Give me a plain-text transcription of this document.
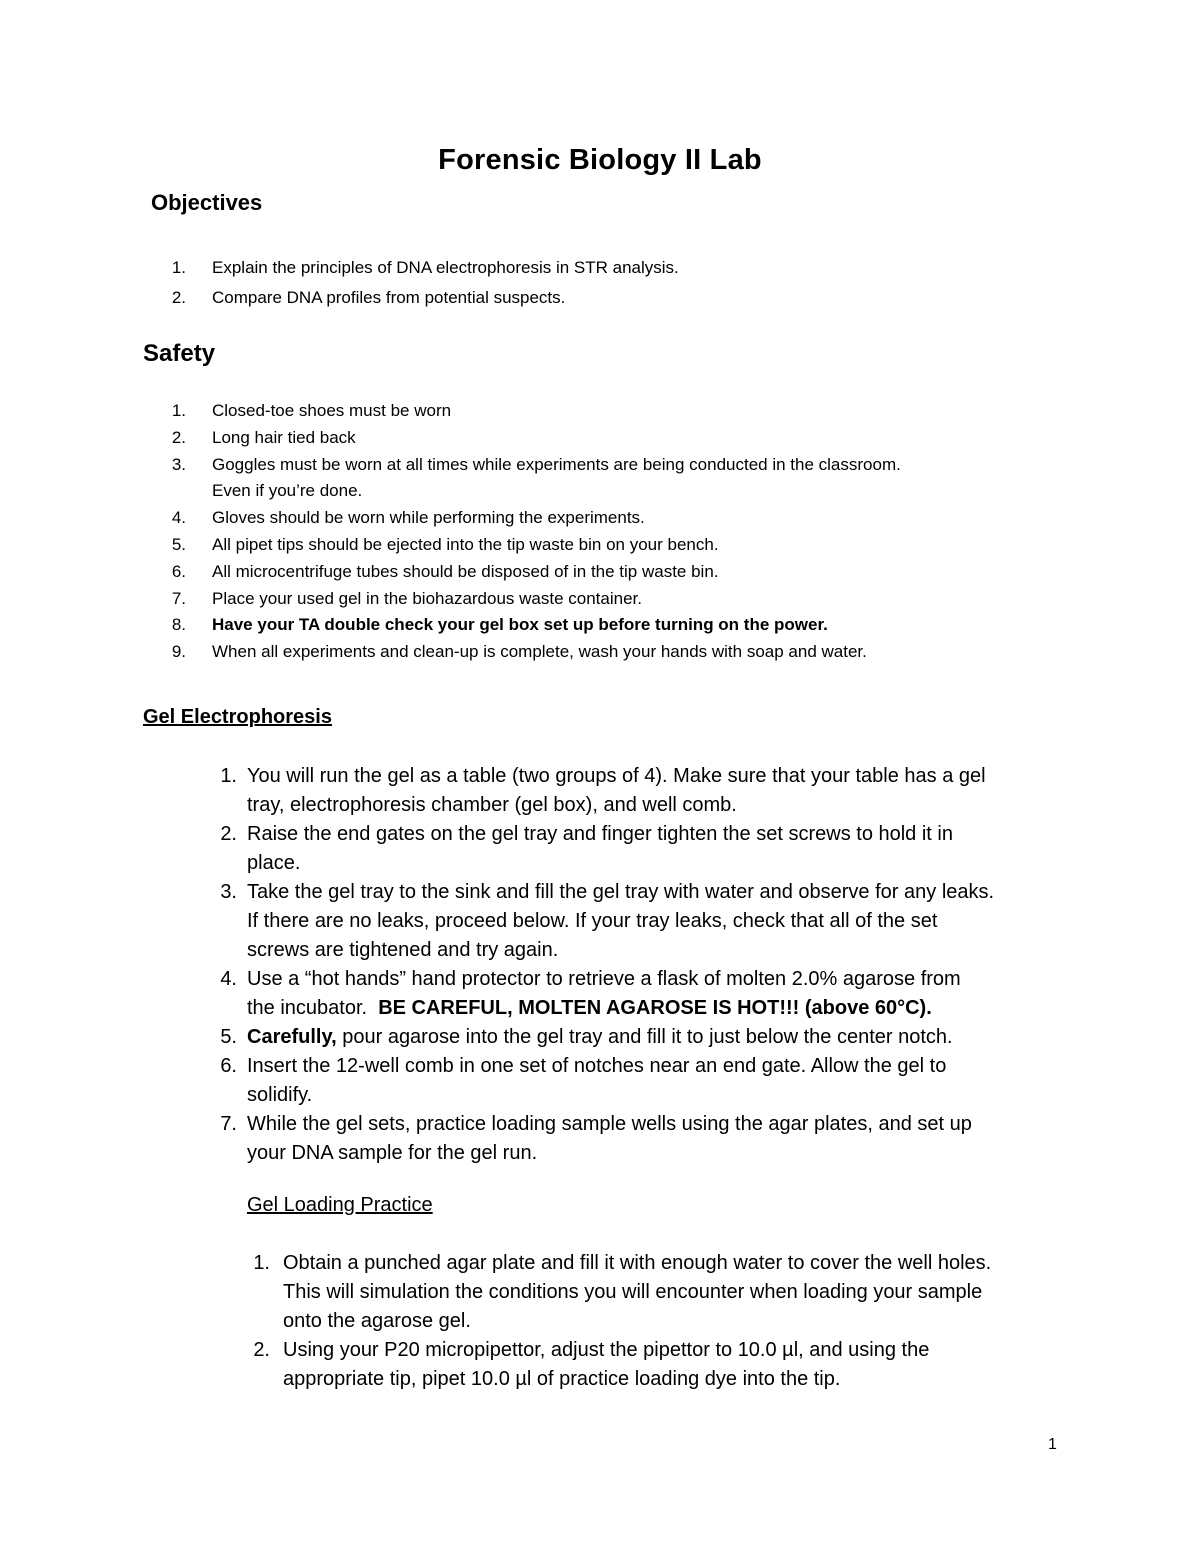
Forensic Biology II Lab
Objectives
1. Explain the principles of DNA electrophoresis in STR analysis.
2. Compare DNA profiles from potential suspects.
Safety
1. Closed-toe shoes must be worn
2. Long hair tied back
3. Goggles must be worn at all times while experiments are being conducted in the classroom.
Even if you’re done.
4. Gloves should be worn while performing the experiments.
5. All pipet tips should be ejected into the tip waste bin on your bench.
6. All microcentrifuge tubes should be disposed of in the tip waste bin.
7. Place your used gel in the biohazardous waste container.
8. Have your TA double check your gel box set up before turning on the power.
9. When all experiments and clean-up is complete, wash your hands with soap and water.
Gel Electrophoresis
1. You will run the gel as a table (two groups of 4). Make sure that your table has a gel
tray, electrophoresis chamber (gel box), and well comb.
2. Raise the end gates on the gel tray and finger tighten the set screws to hold it in
place.
3. Take the gel tray to the sink and fill the gel tray with water and observe for any leaks.
If there are no leaks, proceed below. If your tray leaks, check that all of the set
screws are tightened and try again.
4. Use a “hot hands” hand protector to retrieve a flask of molten 2.0% agarose from
the incubator.  BE CAREFUL, MOLTEN AGAROSE IS HOT!!! (above 60°C).
5. Carefully, pour agarose into the gel tray and fill it to just below the center notch.
6. Insert the 12-well comb in one set of notches near an end gate. Allow the gel to
solidify.
7. While the gel sets, practice loading sample wells using the agar plates, and set up
your DNA sample for the gel run.
Gel Loading Practice
1. Obtain a punched agar plate and fill it with enough water to cover the well holes.
This will simulation the conditions you will encounter when loading your sample
onto the agarose gel.
2. Using your P20 micropipettor, adjust the pipettor to 10.0 µl, and using the
appropriate tip, pipet 10.0 µl of practice loading dye into the tip.
1
